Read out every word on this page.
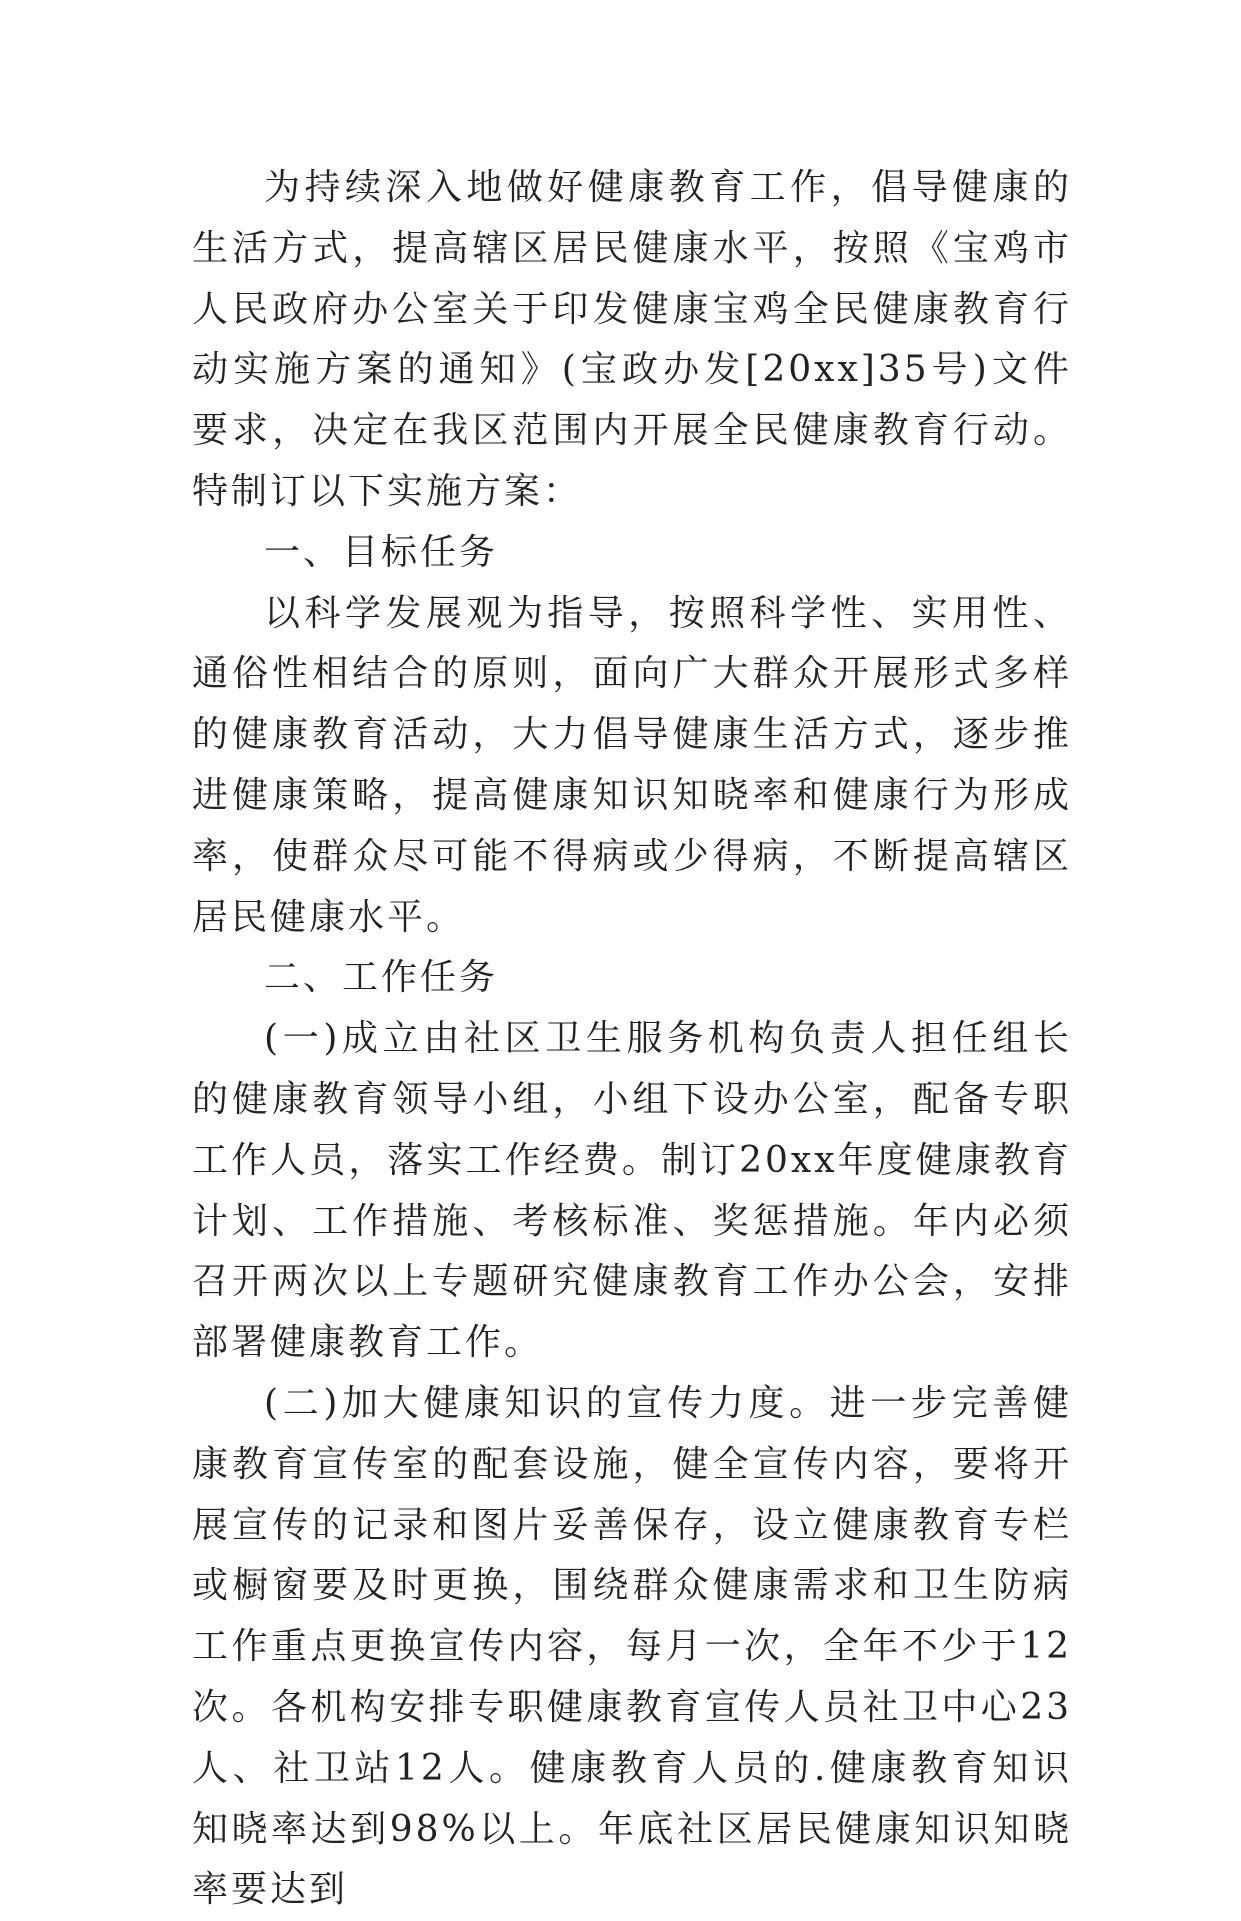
为持续深入地做好健康教育工作，倡导健康的生活方式，提高辖区居民健康水平，按照《宝鸡市人民政府办公室关于印发健康宝鸡全民健康教育行动实施方案的通知》(宝政办发[20xx]35号)文件要求，决定在我区范围内开展全民健康教育行动。特制订以下实施方案：

一、目标任务

以科学发展观为指导，按照科学性、实用性、通俗性相结合的原则，面向广大群众开展形式多样的健康教育活动，大力倡导健康生活方式，逐步推进健康策略，提高健康知识知晓率和健康行为形成率，使群众尽可能不得病或少得病，不断提高辖区居民健康水平。

二、工作任务

(一)成立由社区卫生服务机构负责人担任组长的健康教育领导小组，小组下设办公室，配备专职工作人员，落实工作经费。制订20xx年度健康教育计划、工作措施、考核标准、奖惩措施。年内必须召开两次以上专题研究健康教育工作办公会，安排部署健康教育工作。

(二)加大健康知识的宣传力度。进一步完善健康教育宣传室的配套设施，健全宣传内容，要将开展宣传的记录和图片妥善保存，设立健康教育专栏或橱窗要及时更换，围绕群众健康需求和卫生防病工作重点更换宣传内容，每月一次，全年不少于12次。各机构安排专职健康教育宣传人员社卫中心23人、社卫站12人。健康教育人员的.健康教育知识知晓率达到98%以上。年底社区居民健康知识知晓率要达到
